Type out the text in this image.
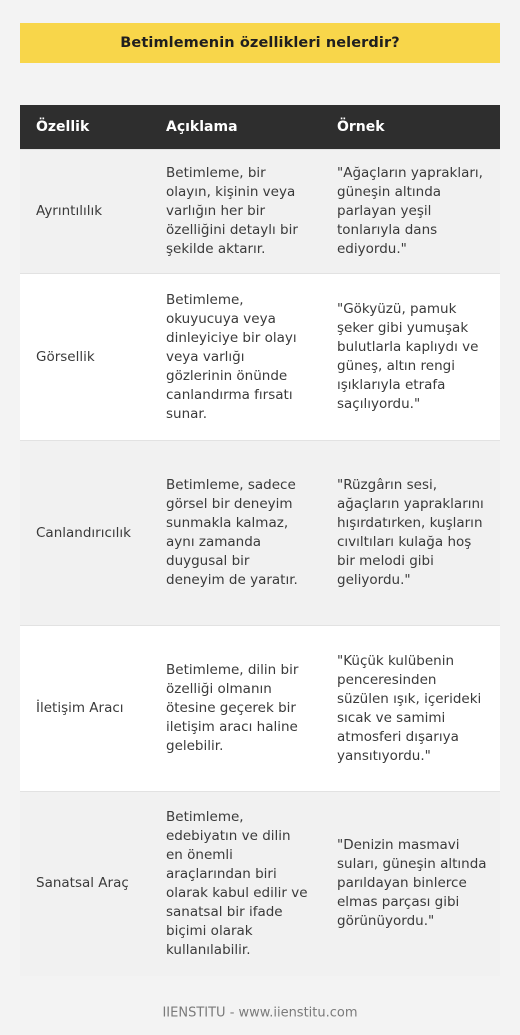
Betimlemenin özellikleri nelerdir?
Özellik	Açıklama	Örnek
Ayrıntılılık	Betimleme, bir olayın, kişinin veya varlığın her bir özelliğini detaylı bir şekilde aktarır.	"Ağaçların yaprakları, güneşin altında parlayan yeşil tonlarıyla dans ediyordu."
Görsellik	Betimleme, okuyucuya veya dinleyiciye bir olayı veya varlığı gözlerinin önünde canlandırma fırsatı sunar.	"Gökyüzü, pamuk şeker gibi yumuşak bulutlarla kaplıydı ve güneş, altın rengi ışıklarıyla etrafa saçılıyordu."
Canlandırıcılık	Betimleme, sadece görsel bir deneyim sunmakla kalmaz, aynı zamanda duygusal bir deneyim de yaratır.	"Rüzgârın sesi, ağaçların yapraklarını hışırdatırken, kuşların cıvıltıları kulağa hoş bir melodi gibi geliyordu."
İletişim Aracı	Betimleme, dilin bir özelliği olmanın ötesine geçerek bir iletişim aracı haline gelebilir.	"Küçük kulübenin penceresinden süzülen ışık, içerideki sıcak ve samimi atmosferi dışarıya yansıtıyordu."
Sanatsal Araç	Betimleme, edebiyatın ve dilin en önemli araçlarından biri olarak kabul edilir ve sanatsal bir ifade biçimi olarak kullanılabilir.	"Denizin masmavi suları, güneşin altında parıldayan binlerce elmas parçası gibi görünüyordu."
IIENSTITU - www.iienstitu.com
